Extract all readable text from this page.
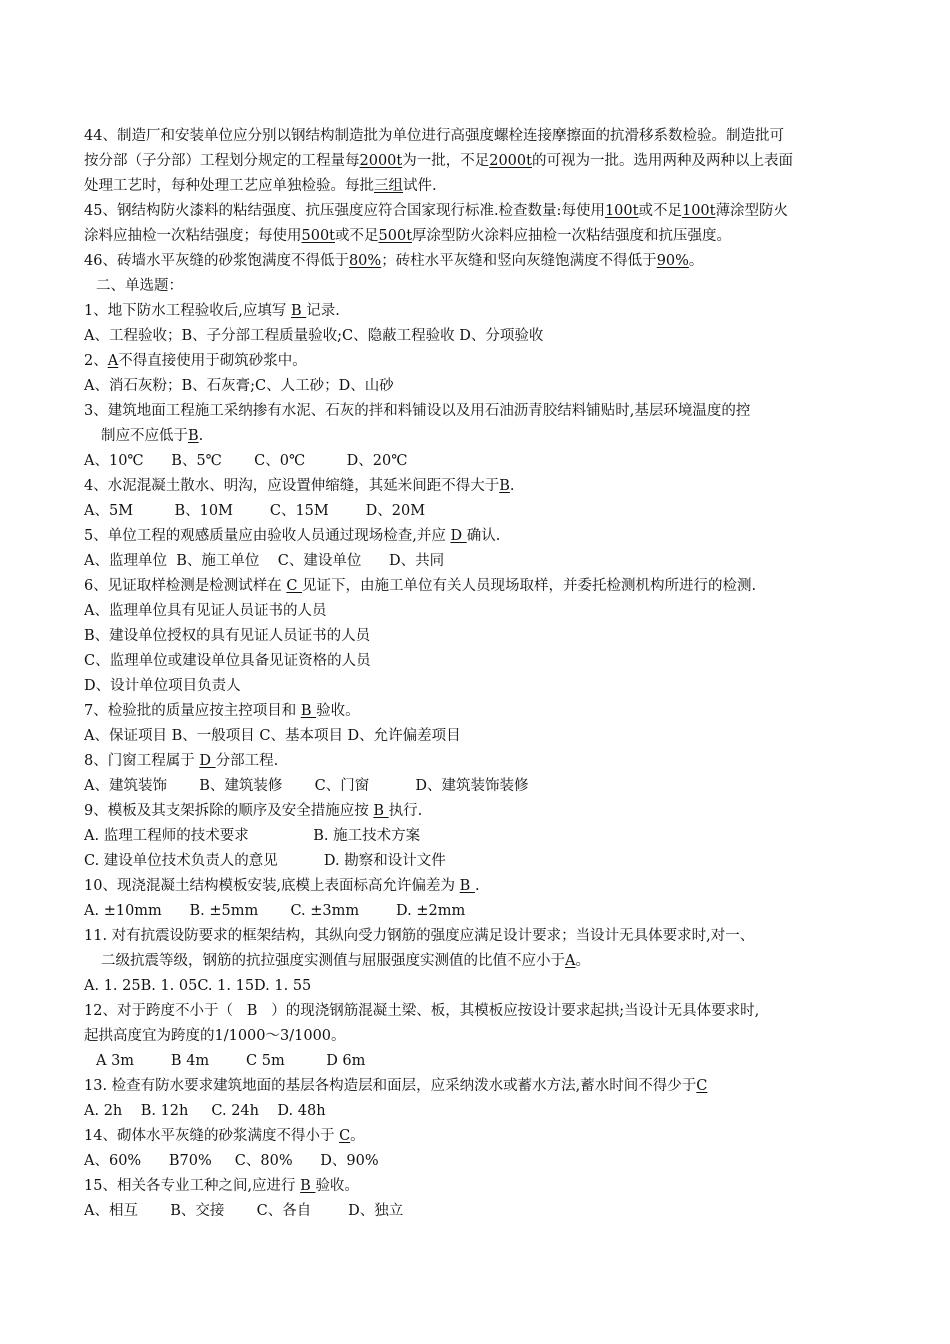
44、制造厂和安装单位应分别以钢结构制造批为单位进行高强度螺栓连接摩擦面的抗滑移系数检验。制造批可
按分部（子分部）工程划分规定的工程量每2000t为一批，不足2000t的可视为一批。选用两种及两种以上表面
处理工艺时，每种处理工艺应单独检验。每批三组试件.
45、钢结构防火漆料的粘结强度、抗压强度应符合国家现行标准.检查数量:每使用100t或不足100t薄涂型防火
涂料应抽检一次粘结强度；每使用500t或不足500t厚涂型防火涂料应抽检一次粘结强度和抗压强度。
46、砖墙水平灰缝的砂浆饱满度不得低于80%；砖柱水平灰缝和竖向灰缝饱满度不得低于90%。
二、单选题：
1、地下防水工程验收后,应填写 B 记录.
A、工程验收；B、子分部工程质量验收;C、隐蔽工程验收 D、分项验收
2、A不得直接使用于砌筑砂浆中。
A、消石灰粉；B、石灰膏;C、人工砂；D、山砂
3、建筑地面工程施工采纳掺有水泥、石灰的拌和料铺设以及用石油沥青胶结料铺贴时,基层环境温度的控
制应不应低于B.
A、10℃      B、5℃       C、0℃         D、20℃
4、水泥混凝土散水、明沟，应设置伸缩缝，其延米间距不得大于B.
A、5M         B、10M        C、15M        D、20M
5、单位工程的观感质量应由验收人员通过现场检查,并应 D 确认.
A、监理单位  B、施工单位    C、建设单位      D、共同
6、见证取样检测是检测试样在 C 见证下，由施工单位有关人员现场取样，并委托检测机构所进行的检测.
A、监理单位具有见证人员证书的人员
B、建设单位授权的具有见证人员证书的人员
C、监理单位或建设单位具备见证资格的人员
D、设计单位项目负责人
7、检验批的质量应按主控项目和 B 验收。
A、保证项目 B、一般项目 C、基本项目 D、允许偏差项目
8、门窗工程属于 D 分部工程.
A、建筑装饰       B、建筑装修       C、门窗          D、建筑装饰装修
9、模板及其支架拆除的顺序及安全措施应按 B 执行.
A. 监理工程师的技术要求              B. 施工技术方案
C. 建设单位技术负责人的意见          D. 勘察和设计文件
10、现浇混凝土结构模板安装,底模上表面标高允许偏差为 B .
A. ±10mm      B. ±5mm       C. ±3mm        D. ±2mm
11. 对有抗震设防要求的框架结构，其纵向受力钢筋的强度应满足设计要求；当设计无具体要求时,对一、
二级抗震等级，钢筋的抗拉强度实测值与屈服强度实测值的比值不应小于A。
A. 1. 25B. 1. 05C. 1. 15D. 1. 55
12、对于跨度不小于（   B   ）的现浇钢筋混凝土梁、板，其模板应按设计要求起拱;当设计无具体要求时,
起拱高度宜为跨度的1/1000～3/1000。
A 3m        B 4m        C 5m         D 6m
13. 检查有防水要求建筑地面的基层各构造层和面层，应采纳泼水或蓄水方法,蓄水时间不得少于C
A. 2h    B. 12h     C. 24h    D. 48h
14、砌体水平灰缝的砂浆满度不得小于 C。
A、60%      B70%     C、80%      D、90%
15、相关各专业工种之间,应进行 B 验收。
A、相互       B、交接       C、各自        D、独立
